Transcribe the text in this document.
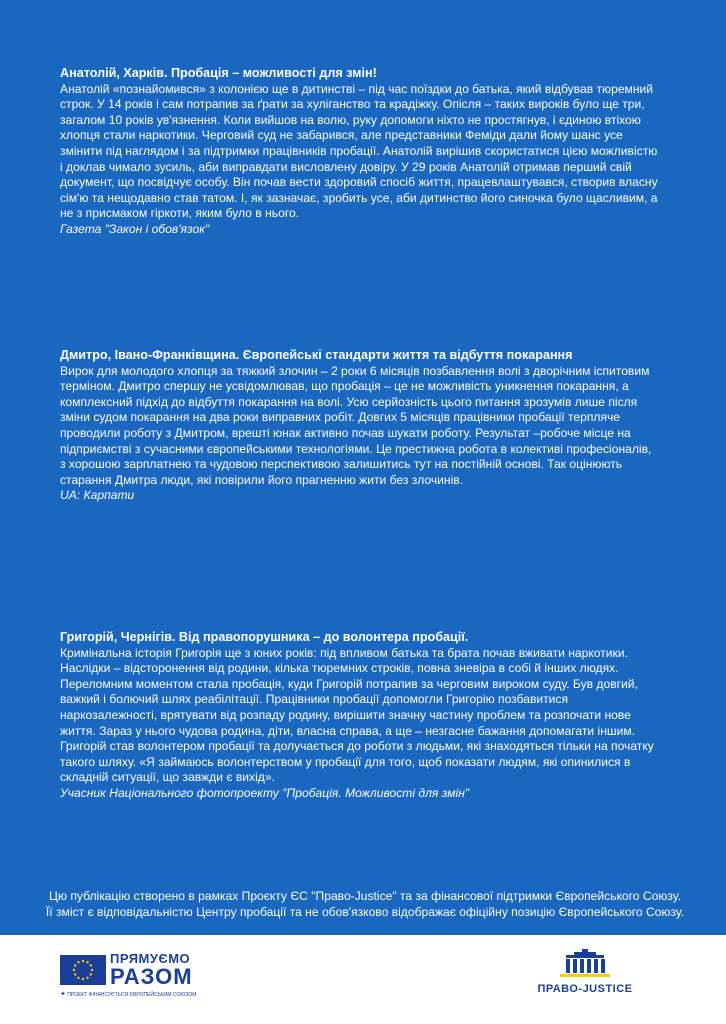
Анатолій, Харків. Пробація – можливості для змін!

Анатолій «познайомився» з колонією ще в дитинстві – під час поїздки до батька, який відбував тюремний строк. У 14 років і сам потрапив за ґрати за хуліганство та крадіжку. Опісля – таких вироків було ще три, загалом 10 років ув'язнення. Коли вийшов на волю, руку допомоги ніхто не простягнув, і єдиною втіхою хлопця стали наркотики. Черговий суд не забарився, але представники Феміди дали йому шанс усе змінити під наглядом і за підтримки працівників пробації. Анатолій вирішив скористатися цією можливістю і доклав чимало зусиль, аби виправдати висловлену довіру. У 29 років Анатолій отримав перший свій документ, що посвідчує особу. Він почав вести здоровий спосіб життя, працевлаштувався, створив власну сім'ю та нещодавно став татом. І, як зазначає, зробить усе, аби дитинство його синочка було щасливим, а не з присмаком гіркоти, яким було в нього.

Газета "Закон і обов'язок"

Дмитро, Івано-Франківщина. Європейські стандарти життя та відбуття покарання

Вирок для молодого хлопця за тяжкий злочин – 2 роки 6 місяців позбавлення волі з дворічним іспитовим терміном. Дмитро спершу не усвідомлював, що пробація – це не можливість уникнення покарання, а комплексний підхід до відбуття покарання на волі. Усю серйозність цього питання зрозумів лише після зміни судом покарання на два роки виправних робіт. Довгих 5 місяців працівники пробації терпляче проводили роботу з Дмитром, врешті юнак активно почав шукати роботу. Результат –робоче місце на підприємстві з сучасними європейськими технологіями. Це престижна робота в колективі професіоналів, з хорошою зарплатнею та чудовою перспективою залишитись тут на постійній основі. Так оцінюють старання Дмитра люди, які повірили його прагненню жити без злочинів.

UA: Карпати

Григорій, Чернігів. Від правопорушника – до волонтера пробації.

Кримінальна історія Григорія ще з юних років: під впливом батька та брата почав вживати наркотики. Наслідки – відсторонення від родини, кілька тюремних строків, повна зневіра в собі й інших людях. Переломним моментом стала пробація, куди Григорій потрапив за черговим вироком суду. Був довгий, важкий і болючий шлях реабілітації. Працівники пробації допомогли Григорію позбавитися наркозалежності, врятувати від розпаду родину, вирішити значну частину проблем та розпочати нове життя. Зараз у нього чудова родина, діти, власна справа, а ще – незгасне бажання допомагати іншим. Григорій став волонтером пробації та долучається до роботи з людьми, які знаходяться тільки на початку такого шляху. «Я займаюсь волонтерством у пробації для того, щоб показати людям, які опинилися в складній ситуації, що завжди є вихід».

Учасник Національного фотопроекту "Пробація. Можливості для змін"

Цю публікацію створено в рамках Проєкту ЄС "Право-Justice" та за фінансової підтримки Європейського Союзу.
Її зміст є відповідальністю Центру пробації та не обов'язково відображає офіційну позицію Європейського Союзу.
ПРЯМУЄМО
РАЗОМ
✦ ПРОЕКТ ФІНАНСУЄТЬСЯ ЄВРОПЕЙСЬКИМ СОЮЗОМ	ПРАВО-JUSTICE
